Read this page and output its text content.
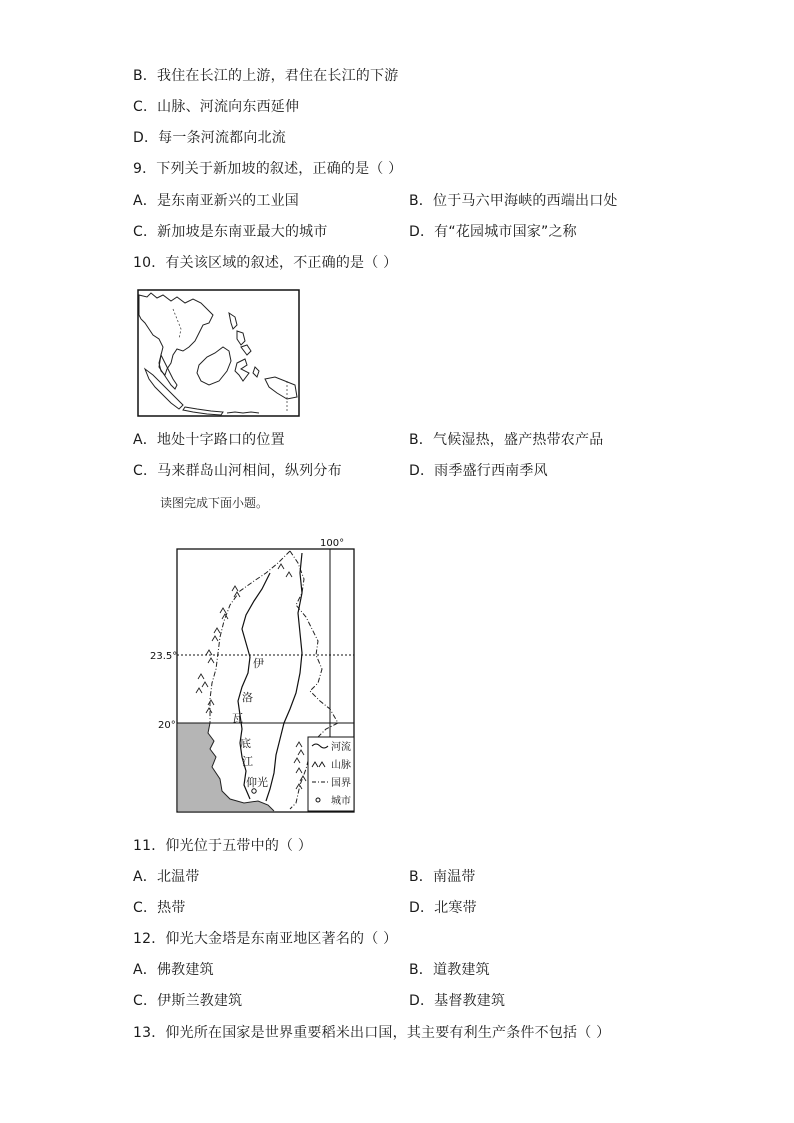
B．我住在长江的上游，君住在长江的下游
C．山脉、河流向东西延伸
D．每一条河流都向北流
9．下列关于新加坡的叙述，正确的是（ ）
A．是东南亚新兴的工业国	B．位于马六甲海峡的西端出口处
C．新加坡是东南亚最大的城市	D．有“花园城市国家”之称
10．有关该区域的叙述，不正确的是（ ）
A．地处十字路口的位置	B．气候湿热，盛产热带农产品
C．马来群岛山河相间，纵列分布	D．雨季盛行西南季风
读图完成下面小题。
100°
23.5°
20°
伊
洛
瓦
底
江
仰光
河流
山脉
国界
城市
11．仰光位于五带中的（ ）
A．北温带	B．南温带
C．热带	D．北寒带
12．仰光大金塔是东南亚地区著名的（ ）
A．佛教建筑	B．道教建筑
C．伊斯兰教建筑	D．基督教建筑
13．仰光所在国家是世界重要稻米出口国，其主要有利生产条件不包括（ ）
